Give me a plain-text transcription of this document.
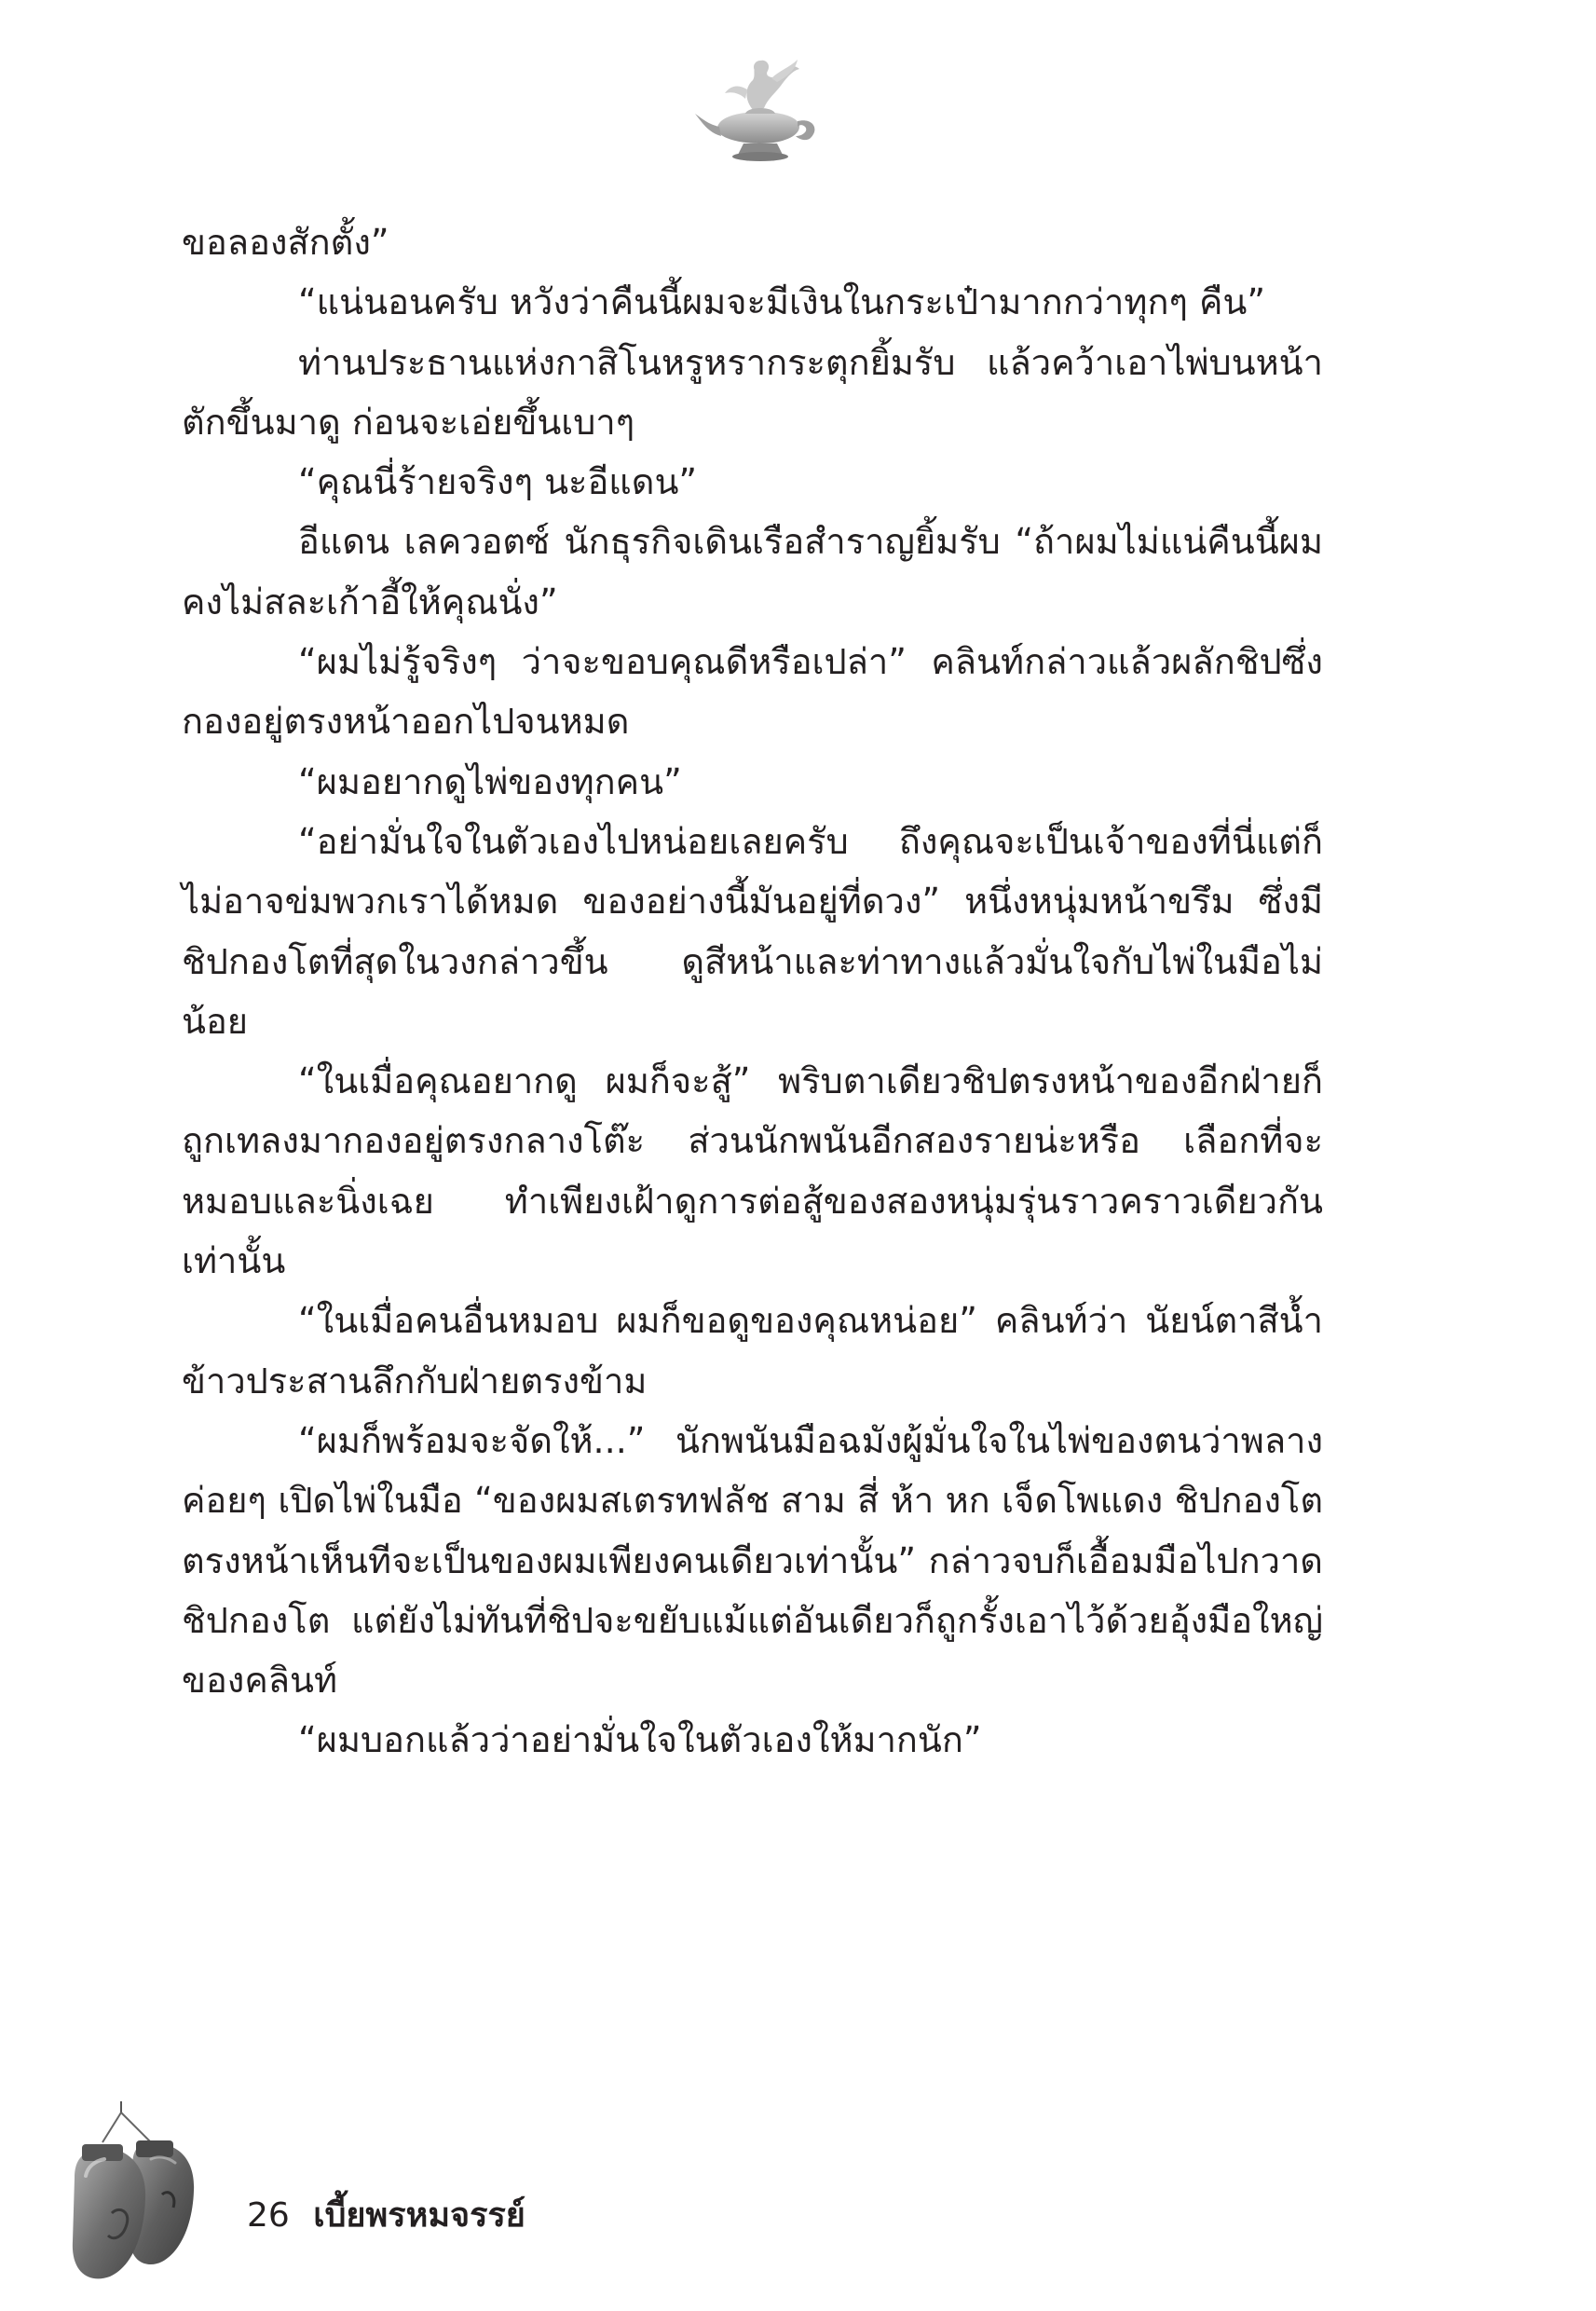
ขอลองสักตั้ง”

“แน่นอนครับ หวังว่าคืนนี้ผมจะมีเงินในกระเป๋ามากกว่าทุกๆ คืน”

ท่านประธานแห่งกาสิโนหรูหรากระตุกยิ้มรับ แล้วคว้าเอาไพ่บนหน้าตักขึ้นมาดู ก่อนจะเอ่ยขึ้นเบาๆ

“คุณนี่ร้ายจริงๆ นะอีแดน”

อีแดน เลควอตซ์ นักธุรกิจเดินเรือสำราญยิ้มรับ “ถ้าผมไม่แน่คืนนี้ผมคงไม่สละเก้าอี้ให้คุณนั่ง”

“ผมไม่รู้จริงๆ ว่าจะขอบคุณดีหรือเปล่า” คลินท์กล่าวแล้วผลักชิปซึ่งกองอยู่ตรงหน้าออกไปจนหมด

“ผมอยากดูไพ่ของทุกคน”

“อย่ามั่นใจในตัวเองไปหน่อยเลยครับ ถึงคุณจะเป็นเจ้าของที่นี่แต่ก็ไม่อาจข่มพวกเราได้หมด ของอย่างนี้มันอยู่ที่ดวง” หนึ่งหนุ่มหน้าขรึม ซึ่งมีชิปกองโตที่สุดในวงกล่าวขึ้น ดูสีหน้าและท่าทางแล้วมั่นใจกับไพ่ในมือไม่น้อย

“ในเมื่อคุณอยากดู ผมก็จะสู้” พริบตาเดียวชิปตรงหน้าของอีกฝ่ายก็ถูกเทลงมากองอยู่ตรงกลางโต๊ะ ส่วนนักพนันอีกสองรายน่ะหรือ เลือกที่จะหมอบและนิ่งเฉย ทำเพียงเฝ้าดูการต่อสู้ของสองหนุ่มรุ่นราวคราวเดียวกันเท่านั้น

“ในเมื่อคนอื่นหมอบ ผมก็ขอดูของคุณหน่อย” คลินท์ว่า นัยน์ตาสีน้ำข้าวประสานลึกกับฝ่ายตรงข้าม

“ผมก็พร้อมจะจัดให้...” นักพนันมือฉมังผู้มั่นใจในไพ่ของตนว่าพลางค่อยๆ เปิดไพ่ในมือ “ของผมสเตรทฟลัช สาม สี่ ห้า หก เจ็ดโพแดง ชิปกองโตตรงหน้าเห็นทีจะเป็นของผมเพียงคนเดียวเท่านั้น” กล่าวจบก็เอื้อมมือไปกวาดชิปกองโต แต่ยังไม่ทันที่ชิปจะขยับแม้แต่อันเดียวก็ถูกรั้งเอาไว้ด้วยอุ้งมือใหญ่ของคลินท์

“ผมบอกแล้วว่าอย่ามั่นใจในตัวเองให้มากนัก”

26 เบี้ยพรหมจรรย์
